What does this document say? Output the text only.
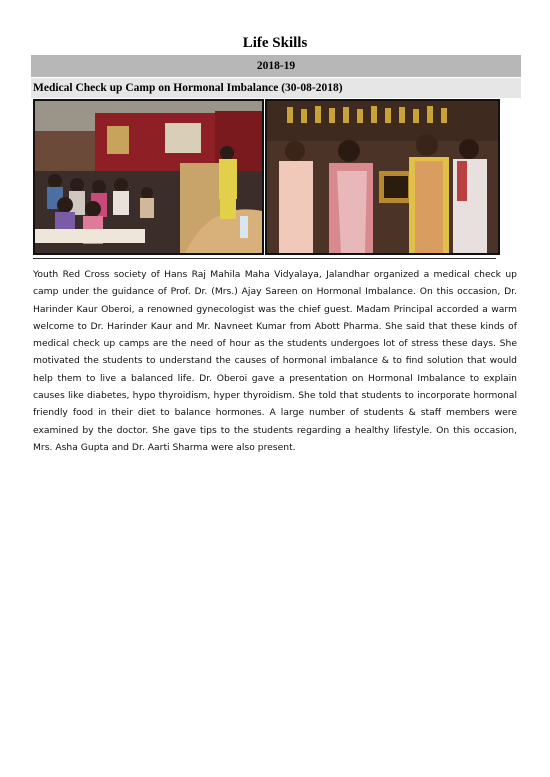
Life Skills
2018-19
Medical Check up Camp on Hormonal Imbalance (30-08-2018)
Youth Red Cross society of Hans Raj Mahila Maha Vidyalaya, Jalandhar organized a medical check up camp under the guidance of Prof. Dr. (Mrs.) Ajay Sareen on Hormonal Imbalance. On this occasion, Dr. Harinder Kaur Oberoi, a renowned gynecologist was the chief guest. Madam Principal accorded a warm welcome to Dr. Harinder Kaur and Mr. Navneet Kumar from Abott Pharma. She said that these kinds of medical check up camps are the need of hour as the students undergoes lot of stress these days. She motivated the students to understand the causes of hormonal imbalance & to find solution that would help them to live a balanced life. Dr. Oberoi gave a presentation on Hormonal Imbalance to explain causes like diabetes, hypo thyroidism, hyper thyroidism. She told that students to incorporate hormonal friendly food in their diet to balance hormones. A large number of students & staff members were examined by the doctor. She gave tips to the students regarding a healthy lifestyle. On this occasion, Mrs. Asha Gupta and Dr. Aarti Sharma were also present.
